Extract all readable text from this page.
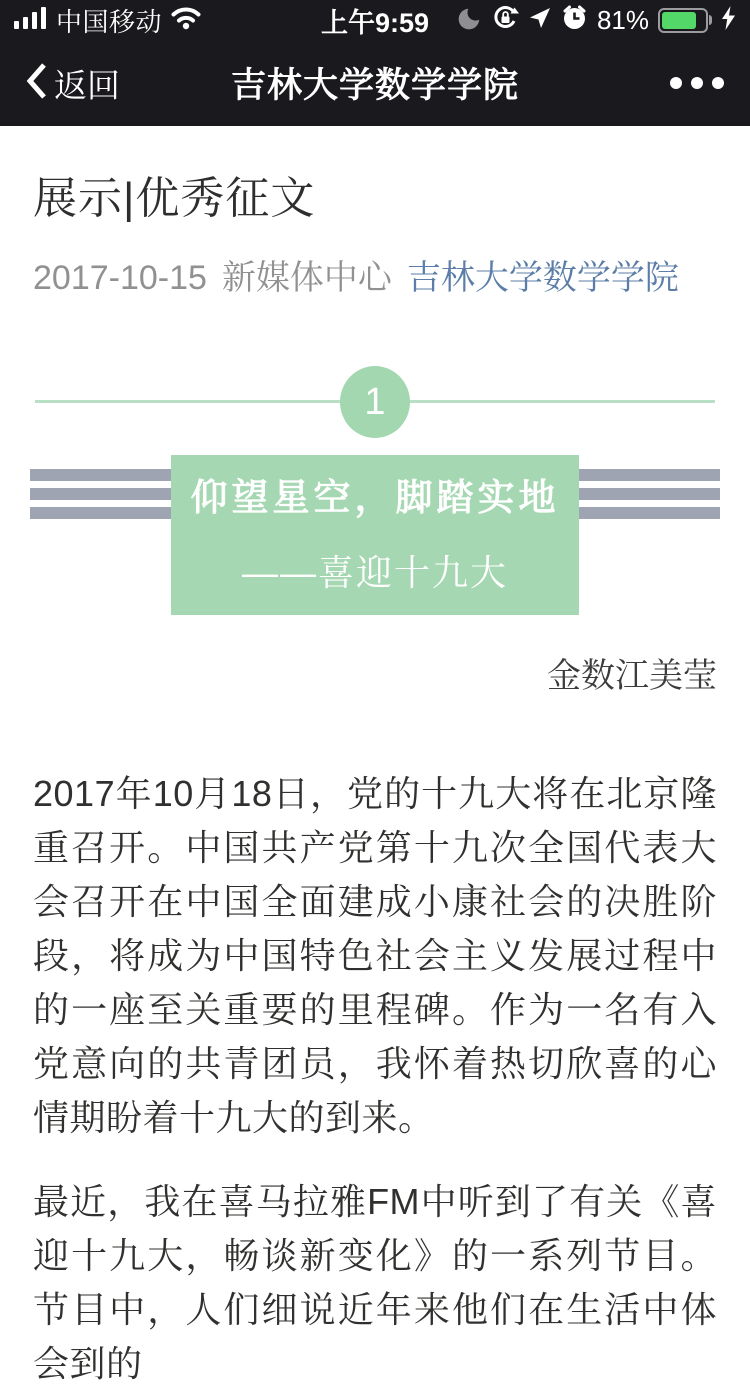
中国移动	上午9:59	81%
返回	吉林大学数学学院
展示|优秀征文
2017-10-15 新媒体中心 吉林大学数学学院
1
仰望星空，脚踏实地
——喜迎十九大
金数江美莹

2017年10月18日，党的十九大将在北京隆重召开。中国共产党第十九次全国代表大会召开在中国全面建成小康社会的决胜阶段，将成为中国特色社会主义发展过程中的一座至关重要的里程碑。作为一名有入党意向的共青团员，我怀着热切欣喜的心情期盼着十九大的到来。

最近，我在喜马拉雅FM中听到了有关《喜迎十九大，畅谈新变化》的一系列节目。节目中，人们细说近年来他们在生活中体会到的
